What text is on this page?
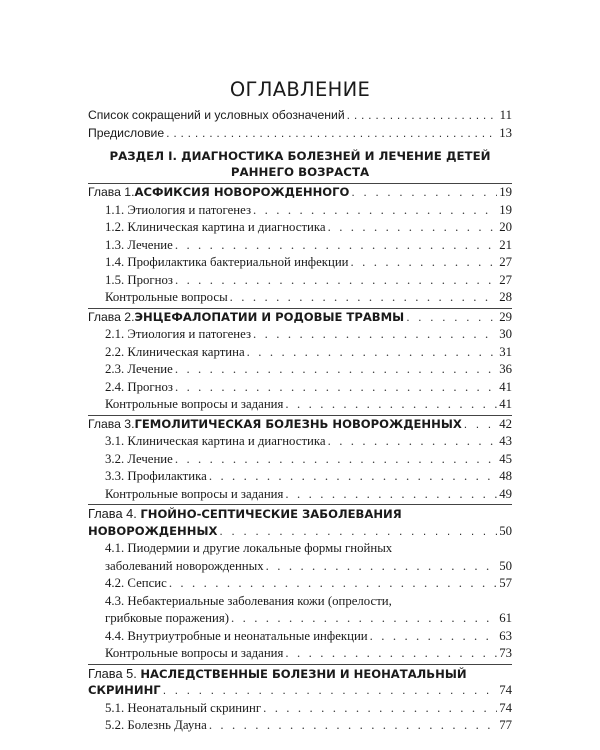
ОГЛАВЛЕНИЕ
Список сокращений и условных обозначений . . .	11
Предисловие . . .	13
РАЗДЕЛ I. ДИАГНОСТИКА БОЛЕЗНЕЙ И ЛЕЧЕНИЕ ДЕТЕЙ
РАННЕГО ВОЗРАСТА
Глава 1. АСФИКСИЯ НОВОРОЖДЕННОГО . . .	19
1.1. Этиология и патогенез . . .	19
1.2. Клиническая картина и диагностика . . .	20
1.3. Лечение . . .	21
1.4. Профилактика бактериальной инфекции . . .	27
1.5. Прогноз . . .	27
Контрольные вопросы . . .	28
Глава 2. ЭНЦЕФАЛОПАТИИ И РОДОВЫЕ ТРАВМЫ . . .	29
2.1. Этиология и патогенез . . .	30
2.2. Клиническая картина . . .	31
2.3. Лечение . . .	36
2.4. Прогноз . . .	41
Контрольные вопросы и задания . . .	41
Глава 3. ГЕМОЛИТИЧЕСКАЯ БОЛЕЗНЬ НОВОРОЖДЕННЫХ . . .	42
3.1. Клиническая картина и диагностика . . .	43
3.2. Лечение . . .	45
3.3. Профилактика . . .	48
Контрольные вопросы и задания . . .	49
Глава 4. ГНОЙНО-СЕПТИЧЕСКИЕ ЗАБОЛЕВАНИЯ
НОВОРОЖДЕННЫХ . . .	50
4.1. Пиодермии и другие локальные формы гнойных
заболеваний новорожденных . . .	50
4.2. Сепсис . . .	57
4.3. Небактериальные заболевания кожи (опрелости,
грибковые поражения) . . .	61
4.4. Внутриутробные и неонатальные инфекции . . .	63
Контрольные вопросы и задания . . .	73
Глава 5. НАСЛЕДСТВЕННЫЕ БОЛЕЗНИ И НЕОНАТАЛЬНЫЙ
СКРИНИНГ . . .	74
5.1. Неонатальный скрининг . . .	74
5.2. Болезнь Дауна . . .	77
